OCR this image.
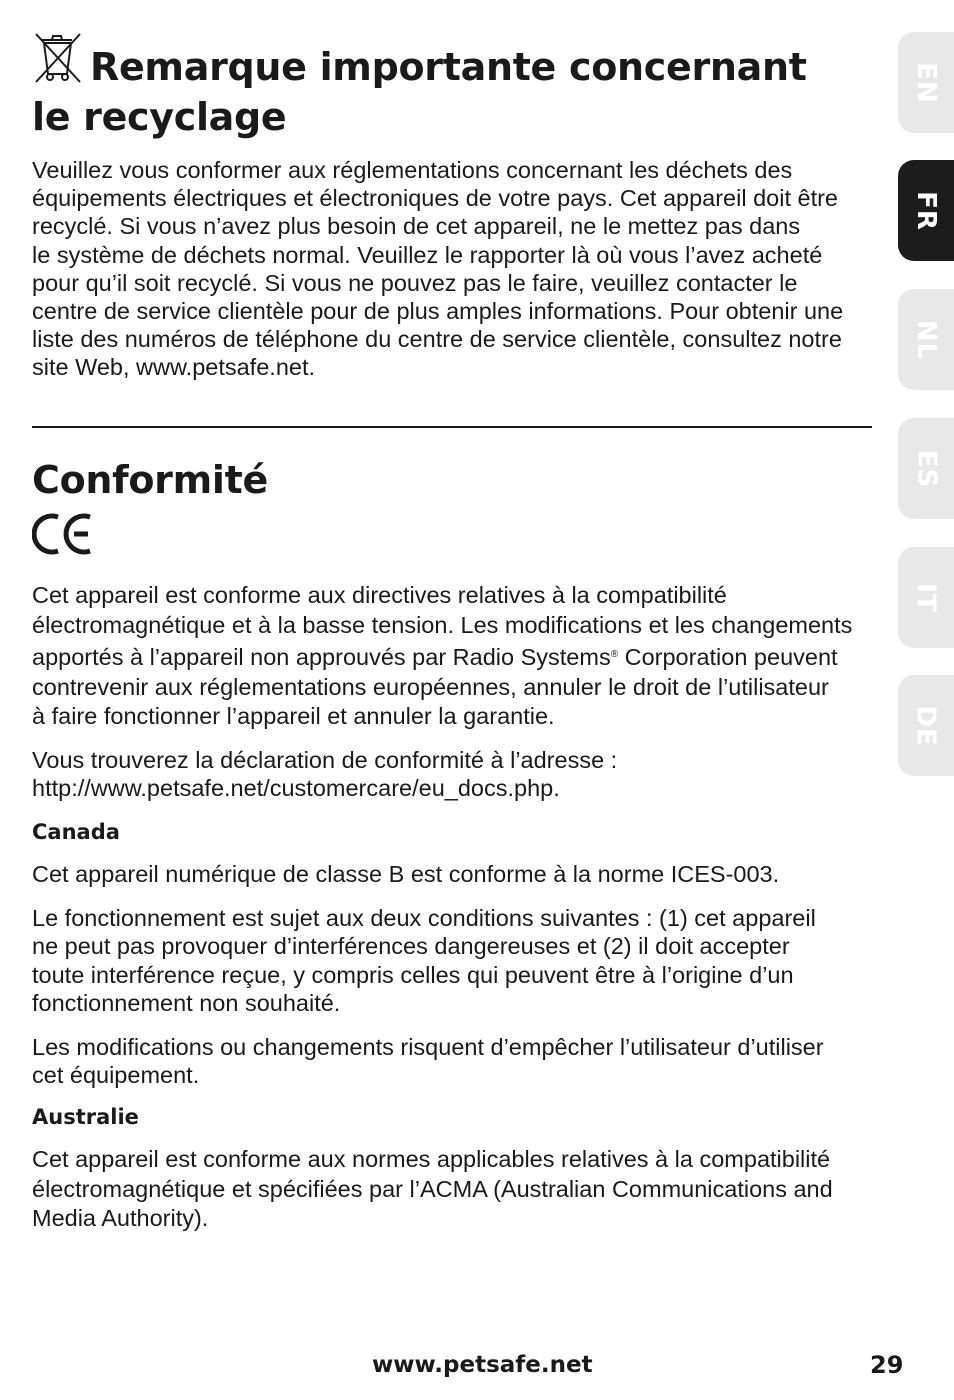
Remarque importante concernant
le recyclage

Veuillez vous conformer aux réglementations concernant les déchets des
équipements électriques et électroniques de votre pays. Cet appareil doit être
recyclé. Si vous n’avez plus besoin de cet appareil, ne le mettez pas dans
le système de déchets normal. Veuillez le rapporter là où vous l’avez acheté
pour qu’il soit recyclé. Si vous ne pouvez pas le faire, veuillez contacter le
centre de service clientèle pour de plus amples informations. Pour obtenir une
liste des numéros de téléphone du centre de service clientèle, consultez notre
site Web, www.petsafe.net.

Conformité

Cet appareil est conforme aux directives relatives à la compatibilité
électromagnétique et à la basse tension. Les modifications et les changements
apportés à l’appareil non approuvés par Radio Systems® Corporation peuvent
contrevenir aux réglementations européennes, annuler le droit de l’utilisateur
à faire fonctionner l’appareil et annuler la garantie.

Vous trouverez la déclaration de conformité à l’adresse :
http://www.petsafe.net/customercare/eu_docs.php.

Canada

Cet appareil numérique de classe B est conforme à la norme ICES-003.

Le fonctionnement est sujet aux deux conditions suivantes : (1) cet appareil
ne peut pas provoquer d’interférences dangereuses et (2) il doit accepter
toute interférence reçue, y compris celles qui peuvent être à l’origine d’un
fonctionnement non souhaité.

Les modifications ou changements risquent d’empêcher l’utilisateur d’utiliser
cet équipement.

Australie

Cet appareil est conforme aux normes applicables relatives à la compatibilité
électromagnétique et spécifiées par l’ACMA (Australian Communications and
Media Authority).

EN
FR
NL
ES
IT
DE
www.petsafe.net	29
